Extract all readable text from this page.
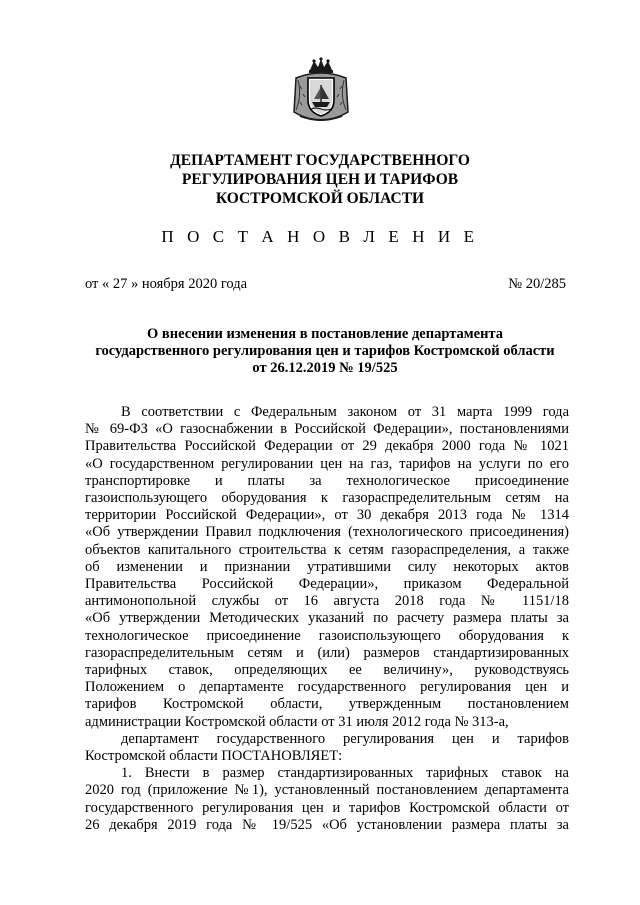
ДЕПАРТАМЕНТ ГОСУДАРСТВЕННОГО
РЕГУЛИРОВАНИЯ ЦЕН И ТАРИФОВ
КОСТРОМСКОЙ ОБЛАСТИ
П О С Т А Н О В Л Е Н И Е
от « 27 » ноября 2020 года	№ 20/285
О внесении изменения в постановление департамента
государственного регулирования цен и тарифов Костромской области
от 26.12.2019 № 19/525

В соответствии с Федеральным законом от 31 марта 1999 года
№ 69-ФЗ «О газоснабжении в Российской Федерации», постановлениями
Правительства Российской Федерации от 29 декабря 2000 года № 1021
«О государственном регулировании цен на газ, тарифов на услуги по его
транспортировке и платы за технологическое присоединение
газоиспользующего оборудования к газораспределительным сетям на
территории Российской Федерации», от 30 декабря 2013 года № 1314
«Об утверждении Правил подключения (технологического присоединения)
объектов капитального строительства к сетям газораспределения, а также
об изменении и признании утратившими силу некоторых актов
Правительства Российской Федерации», приказом Федеральной
антимонопольной службы от 16 августа 2018 года № 1151/18
«Об утверждении Методических указаний по расчету размера платы за
технологическое присоединение газоиспользующего оборудования к
газораспределительным сетям и (или) размеров стандартизированных
тарифных ставок, определяющих ее величину», руководствуясь
Положением о департаменте государственного регулирования цен и
тарифов Костромской области, утвержденным постановлением
администрации Костромской области от 31 июля 2012 года № 313-а,

департамент государственного регулирования цен и тарифов
Костромской области ПОСТАНОВЛЯЕТ:

1. Внести в размер стандартизированных тарифных ставок на
2020 год (приложение №1), установленный постановлением департамента
государственного регулирования цен и тарифов Костромской области от
26 декабря 2019 года № 19/525 «Об установлении размера платы за
